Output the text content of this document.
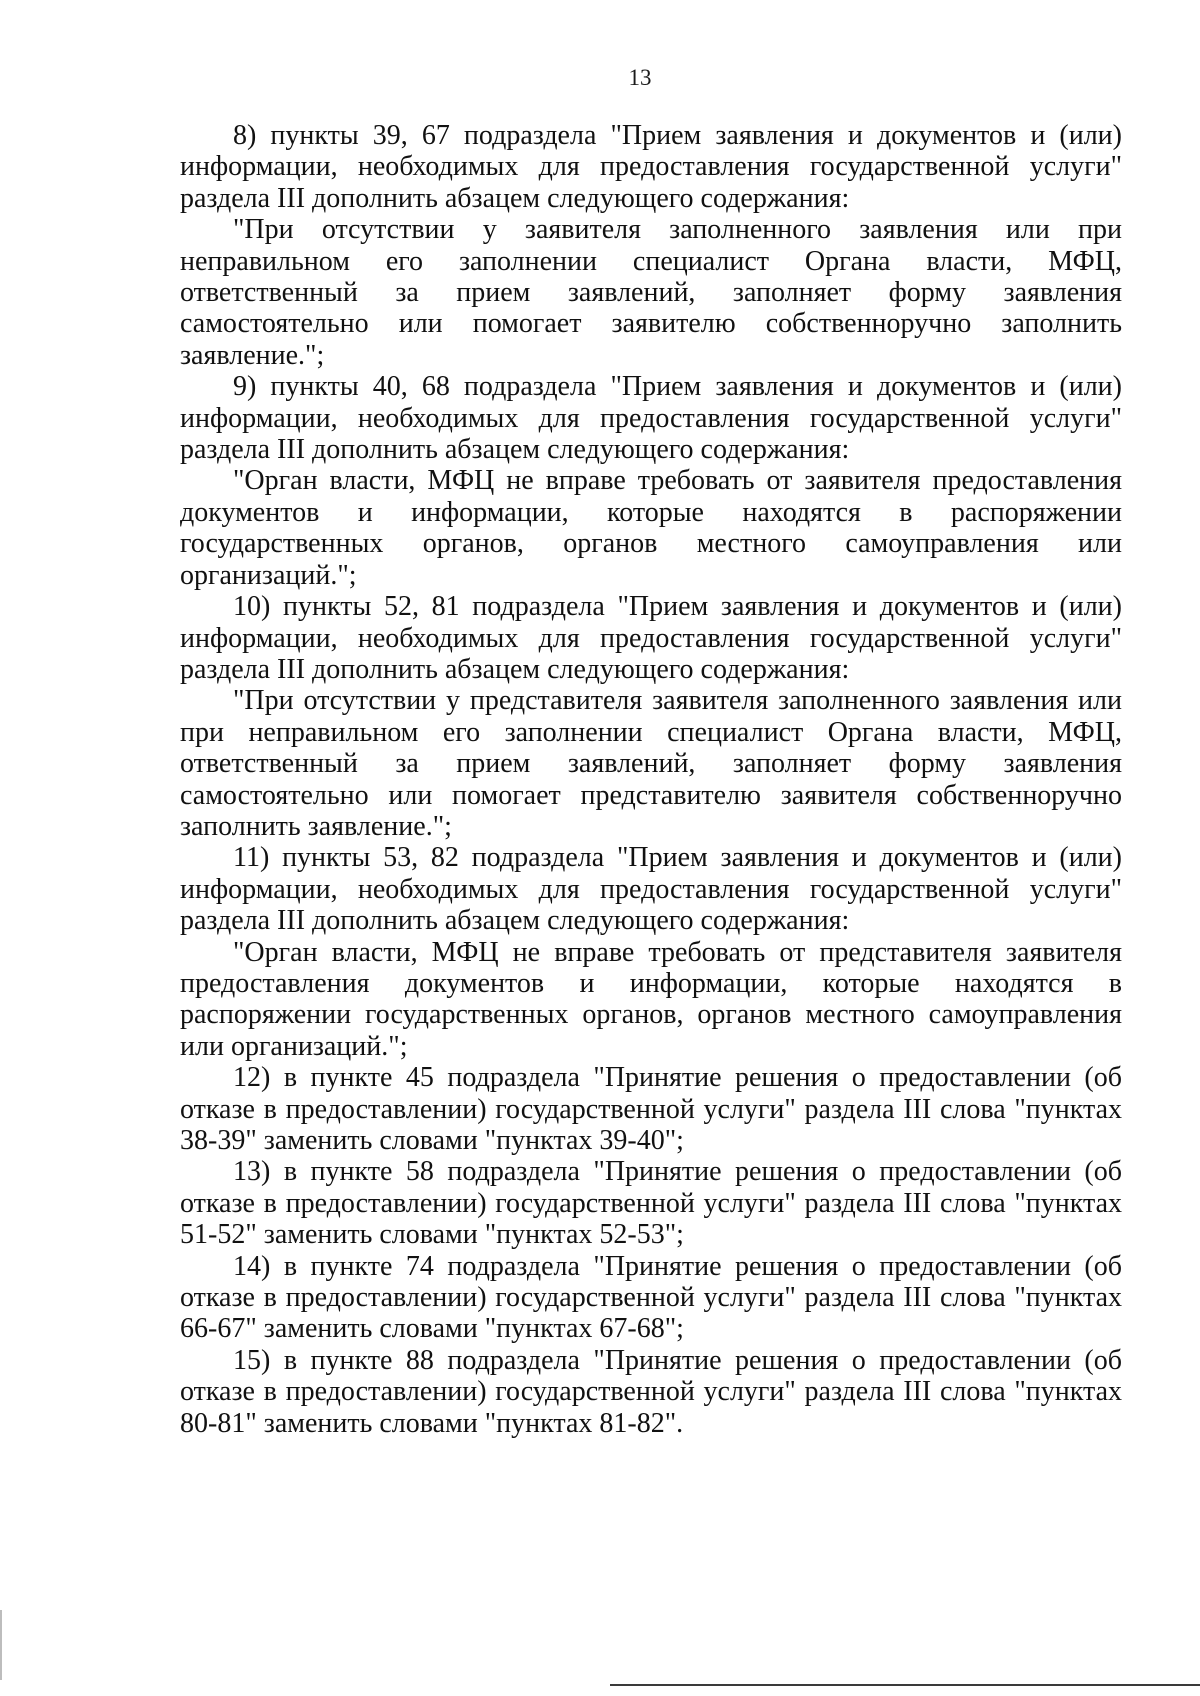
13

8) пункты 39, 67 подраздела "Прием заявления и документов и (или) информации, необходимых для предоставления государственной услуги" раздела III дополнить абзацем следующего содержания:

"При отсутствии у заявителя заполненного заявления или при неправильном его заполнении специалист Органа власти, МФЦ, ответственный за прием заявлений, заполняет форму заявления самостоятельно или помогает заявителю собственноручно заполнить заявление.";

9) пункты 40, 68 подраздела "Прием заявления и документов и (или) информации, необходимых для предоставления государственной услуги" раздела III дополнить абзацем следующего содержания:

"Орган власти, МФЦ не вправе требовать от заявителя предоставления документов и информации, которые находятся в распоряжении государственных органов, органов местного самоуправления или организаций.";

10) пункты 52, 81 подраздела "Прием заявления и документов и (или) информации, необходимых для предоставления государственной услуги" раздела III дополнить абзацем следующего содержания:

"При отсутствии у представителя заявителя заполненного заявления или при неправильном его заполнении специалист Органа власти, МФЦ, ответственный за прием заявлений, заполняет форму заявления самостоятельно или помогает представителю заявителя собственноручно заполнить заявление.";

11) пункты 53, 82 подраздела "Прием заявления и документов и (или) информации, необходимых для предоставления государственной услуги" раздела III дополнить абзацем следующего содержания:

"Орган власти, МФЦ не вправе требовать от представителя заявителя предоставления документов и информации, которые находятся в распоряжении государственных органов, органов местного самоуправления или организаций.";

12) в пункте 45 подраздела "Принятие решения о предоставлении (об отказе в предоставлении) государственной услуги" раздела III слова "пунктах 38-39" заменить словами "пунктах 39-40";

13) в пункте 58 подраздела "Принятие решения о предоставлении (об отказе в предоставлении) государственной услуги" раздела III слова "пунктах 51-52" заменить словами "пунктах 52-53";

14) в пункте 74 подраздела "Принятие решения о предоставлении (об отказе в предоставлении) государственной услуги" раздела III слова "пунктах 66-67" заменить словами "пунктах 67-68";

15) в пункте 88 подраздела "Принятие решения о предоставлении (об отказе в предоставлении) государственной услуги" раздела III слова "пунктах 80-81" заменить словами "пунктах 81-82".
